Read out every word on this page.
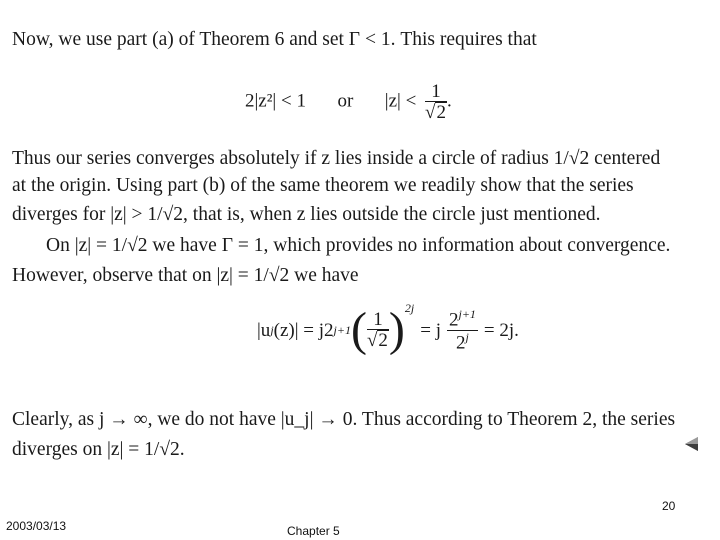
Now, we use part (a) of Theorem 6 and set Γ < 1. This requires that
2|z²| < 1 or $|z| < \frac{1}{√2}$ .
Thus our series converges absolutely if z lies inside a circle of radius 1/√2 centered
at the origin. Using part (b) of the same theorem we readily show that the series
diverges for |z| > 1/√2, that is, when z lies outside the circle just mentioned.
On |z| = 1/√2 we have Γ = 1, which provides no information about convergence.
However, observe that on |z| = 1/√2 we have
|u j (z)| = j2 j+1 ( $\frac{1}{√2} )^{2j}$
= j $\frac{2^{j+1}}{2^j} = 2j$.
Clearly, as j → ∞, we do not have |u_j| → 0. Thus according to Theorem 2, the series
diverges on |z| = 1/√2.
20
2003/03/13	Chapter 5
